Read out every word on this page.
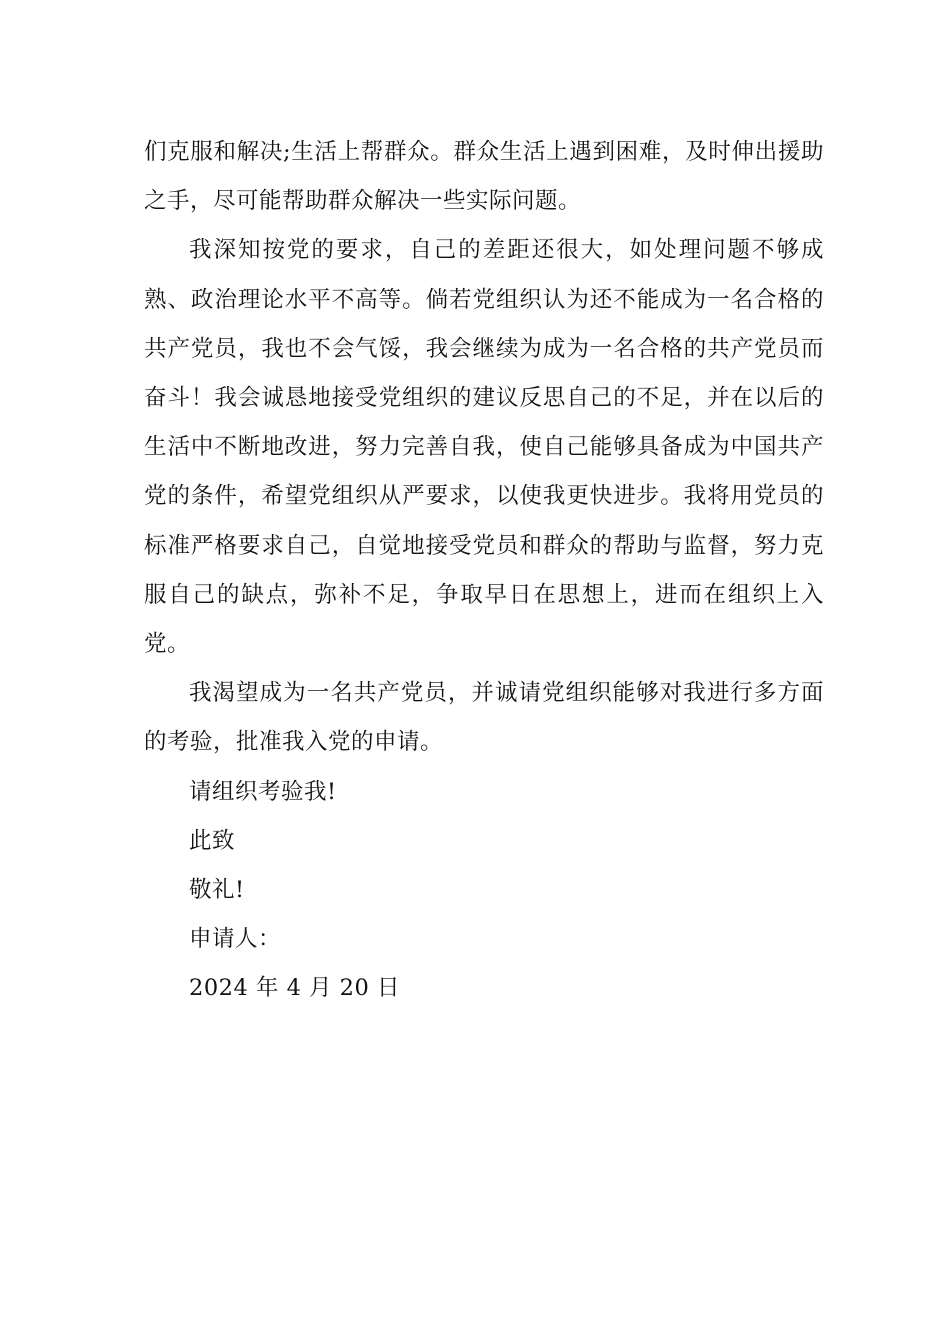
们克服和解决;生活上帮群众。群众生活上遇到困难，及时伸出援助之手，尽可能帮助群众解决一些实际问题。

我深知按党的要求，自己的差距还很大，如处理问题不够成熟、政治理论水平不高等。倘若党组织认为还不能成为一名合格的共产党员，我也不会气馁，我会继续为成为一名合格的共产党员而奋斗！我会诚恳地接受党组织的建议反思自己的不足，并在以后的生活中不断地改进，努力完善自我，使自己能够具备成为中国共产党的条件，希望党组织从严要求，以使我更快进步。我将用党员的标准严格要求自己，自觉地接受党员和群众的帮助与监督，努力克服自己的缺点，弥补不足，争取早日在思想上，进而在组织上入党。

我渴望成为一名共产党员，并诚请党组织能够对我进行多方面的考验，批准我入党的申请。

请组织考验我!

此致

敬礼!

申请人：

2024 年 4 月 20 日
